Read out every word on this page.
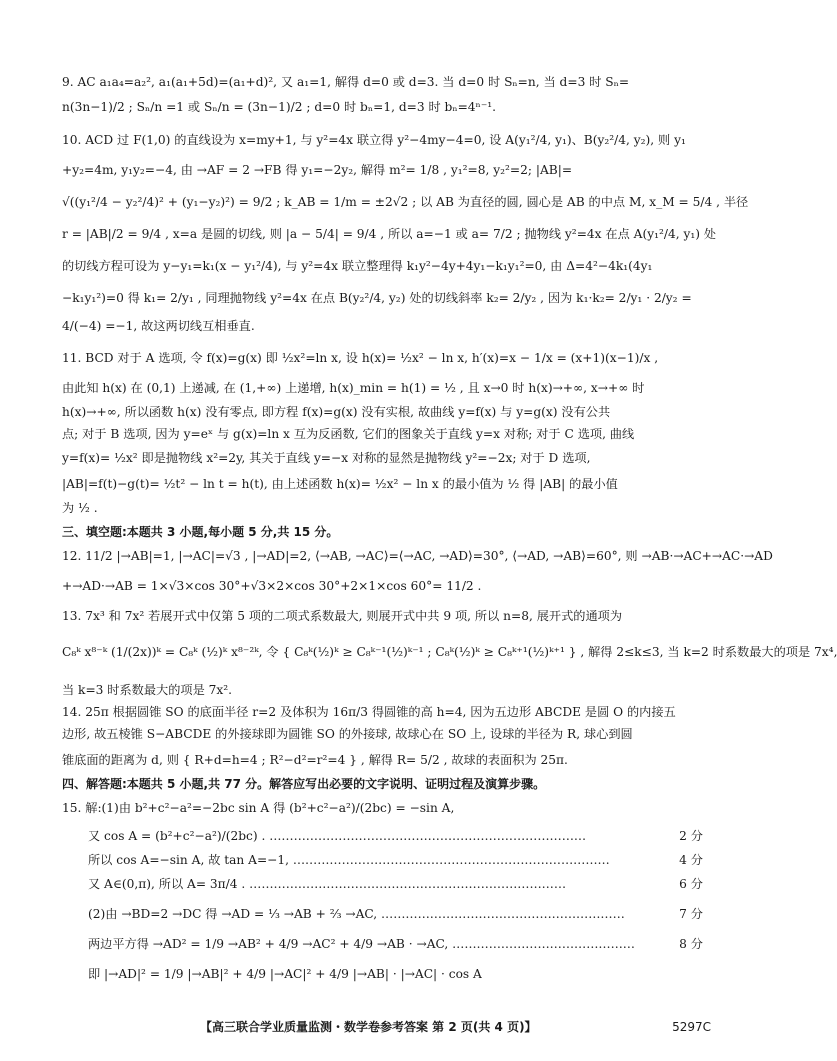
9. AC a₁a₄=a₂², a₁(a₁+5d)=(a₁+d)², 又 a₁=1, 解得 d=0 或 d=3. 当 d=0 时 Sₙ=n, 当 d=3 时 Sₙ=
n(3n−1)/2 ; Sₙ/n =1 或 Sₙ/n = (3n−1)/2 ; d=0 时 bₙ=1, d=3 时 bₙ=4ⁿ⁻¹.
10. ACD 过 F(1,0) 的直线设为 x=my+1, 与 y²=4x 联立得 y²−4my−4=0, 设 A(y₁²/4, y₁)、B(y₂²/4, y₂), 则 y₁
+y₂=4m, y₁y₂=−4, 由 →AF = 2 →FB 得 y₁=−2y₂, 解得 m²= 1/8 , y₁²=8, y₂²=2; |AB|=
√((y₁²/4 − y₂²/4)² + (y₁−y₂)²) = 9/2 ; k_AB = 1/m = ±2√2 ; 以 AB 为直径的圆, 圆心是 AB 的中点 M, x_M = 5/4 , 半径
r = |AB|/2 = 9/4 , x=a 是圆的切线, 则 |a − 5/4| = 9/4 , 所以 a=−1 或 a= 7/2 ; 抛物线 y²=4x 在点 A(y₁²/4, y₁) 处
的切线方程可设为 y−y₁=k₁(x − y₁²/4), 与 y²=4x 联立整理得 k₁y²−4y+4y₁−k₁y₁²=0, 由 Δ=4²−4k₁(4y₁
−k₁y₁²)=0 得 k₁= 2/y₁ , 同理抛物线 y²=4x 在点 B(y₂²/4, y₂) 处的切线斜率 k₂= 2/y₂ , 因为 k₁·k₂= 2/y₁ · 2/y₂ =
4/(−4) =−1, 故这两切线互相垂直.
11. BCD 对于 A 选项, 令 f(x)=g(x) 即 ½x²=ln x, 设 h(x)= ½x² − ln x, h′(x)=x − 1/x = (x+1)(x−1)/x ,
由此知 h(x) 在 (0,1) 上递减, 在 (1,+∞) 上递增, h(x)_min = h(1) = ½ , 且 x→0 时 h(x)→+∞, x→+∞ 时
h(x)→+∞, 所以函数 h(x) 没有零点, 即方程 f(x)=g(x) 没有实根, 故曲线 y=f(x) 与 y=g(x) 没有公共
点; 对于 B 选项, 因为 y=eˣ 与 g(x)=ln x 互为反函数, 它们的图象关于直线 y=x 对称; 对于 C 选项, 曲线
y=f(x)= ½x² 即是抛物线 x²=2y, 其关于直线 y=−x 对称的显然是抛物线 y²=−2x; 对于 D 选项,
|AB|=f(t)−g(t)= ½t² − ln t = h(t), 由上述函数 h(x)= ½x² − ln x 的最小值为 ½ 得 |AB| 的最小值
为 ½ .
三、填空题:本题共 3 小题,每小题 5 分,共 15 分。
12. 11/2 |→AB|=1, |→AC|=√3 , |→AD|=2, ⟨→AB, →AC⟩=⟨→AC, →AD⟩=30°, ⟨→AD, →AB⟩=60°, 则 →AB·→AC+→AC·→AD
+→AD·→AB = 1×√3×cos 30°+√3×2×cos 30°+2×1×cos 60°= 11/2 .
13. 7x³ 和 7x² 若展开式中仅第 5 项的二项式系数最大, 则展开式中共 9 项, 所以 n=8, 展开式的通项为
C₈ᵏ x⁸⁻ᵏ (1/(2x))ᵏ = C₈ᵏ (½)ᵏ x⁸⁻²ᵏ, 令 { C₈ᵏ(½)ᵏ ≥ C₈ᵏ⁻¹(½)ᵏ⁻¹ ; C₈ᵏ(½)ᵏ ≥ C₈ᵏ⁺¹(½)ᵏ⁺¹ } , 解得 2≤k≤3, 当 k=2 时系数最大的项是 7x⁴,
当 k=3 时系数最大的项是 7x².
14. 25π 根据圆锥 SO 的底面半径 r=2 及体积为 16π/3 得圆锥的高 h=4, 因为五边形 ABCDE 是圆 O 的内接五
边形, 故五棱锥 S−ABCDE 的外接球即为圆锥 SO 的外接球, 故球心在 SO 上, 设球的半径为 R, 球心到圆
锥底面的距离为 d, 则 { R+d=h=4 ; R²−d²=r²=4 } , 解得 R= 5/2 , 故球的表面积为 25π.
四、解答题:本题共 5 小题,共 77 分。解答应写出必要的文字说明、证明过程及演算步骤。
15. 解:(1)由 b²+c²−a²=−2bc sin A 得 (b²+c²−a²)/(2bc) = −sin A,
又 cos A = (b²+c²−a²)/(2bc) . ……………………………………………………………………	2 分
所以 cos A=−sin A, 故 tan A=−1, ……………………………………………………………………	4 分
又 A∈(0,π), 所以 A= 3π/4 . ……………………………………………………………………	6 分
(2)由 →BD=2 →DC 得 →AD = ⅓ →AB + ⅔ →AC, ……………………………………………………	7 分
两边平方得 →AD² = 1/9 →AB² + 4/9 →AC² + 4/9 →AB · →AC, ………………………………………	8 分
即 |→AD|² = 1/9 |→AB|² + 4/9 |→AC|² + 4/9 |→AB| · |→AC| · cos A
【高三联合学业质量监测・数学卷参考答案 第 2 页(共 4 页)】	5297C
